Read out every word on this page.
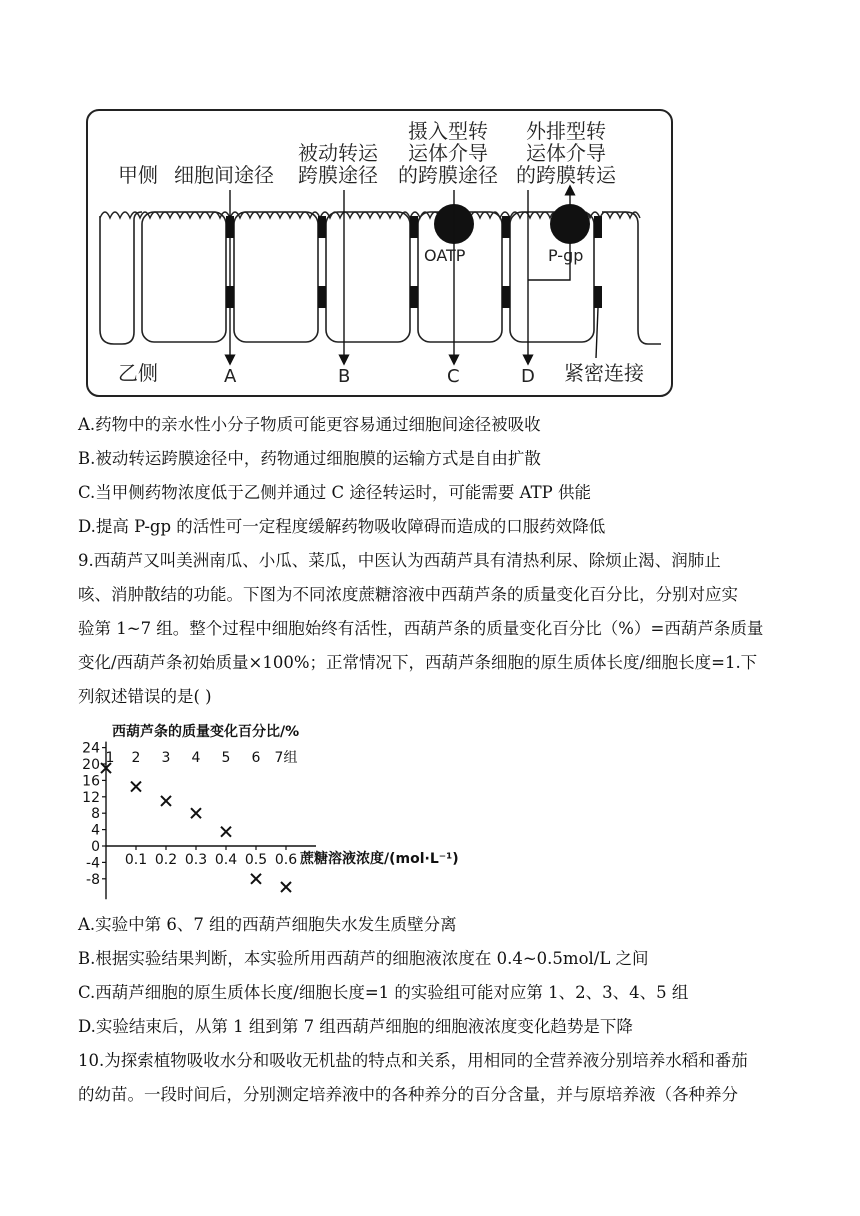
甲侧 细胞间途径
被动转运
跨膜途径
摄入型转
运体介导
的跨膜途径
外排型转
运体介导
的跨膜转运
OATP	P-gp
乙侧	A	B	C	D 紧密连接
A.药物中的亲水性小分子物质可能更容易通过细胞间途径被吸收
B.被动转运跨膜途径中，药物通过细胞膜的运输方式是自由扩散
C.当甲侧药物浓度低于乙侧并通过 C 途径转运时，可能需要 ATP 供能
D.提高 P-gp 的活性可一定程度缓解药物吸收障碍而造成的口服药效降低
9.西葫芦又叫美洲南瓜、小瓜、菜瓜，中医认为西葫芦具有清热利尿、除烦止渴、润肺止
咳、消肿散结的功能。下图为不同浓度蔗糖溶液中西葫芦条的质量变化百分比，分别对应实
验第 1~7 组。整个过程中细胞始终有活性，西葫芦条的质量变化百分比（%）=西葫芦条质量
变化/西葫芦条初始质量×100%；正常情况下，西葫芦条细胞的原生质体长度/细胞长度=1.下
列叙述错误的是( )
西葫芦条的质量变化百分比/%
蔗糖溶液浓度/(mol·L⁻¹)
24
20
16
12
8
4
0
-4
-8
0.1 0.2 0.3 0.4 0.5 0.6
1 2 3 4 5 6 7组
A.实验中第 6、7 组的西葫芦细胞失水发生质壁分离
B.根据实验结果判断，本实验所用西葫芦的细胞液浓度在 0.4~0.5mol/L 之间
C.西葫芦细胞的原生质体长度/细胞长度=1 的实验组可能对应第 1、2、3、4、5 组
D.实验结束后，从第 1 组到第 7 组西葫芦细胞的细胞液浓度变化趋势是下降
10.为探索植物吸收水分和吸收无机盐的特点和关系，用相同的全营养液分别培养水稻和番茄
的幼苗。一段时间后，分别测定培养液中的各种养分的百分含量，并与原培养液（各种养分
